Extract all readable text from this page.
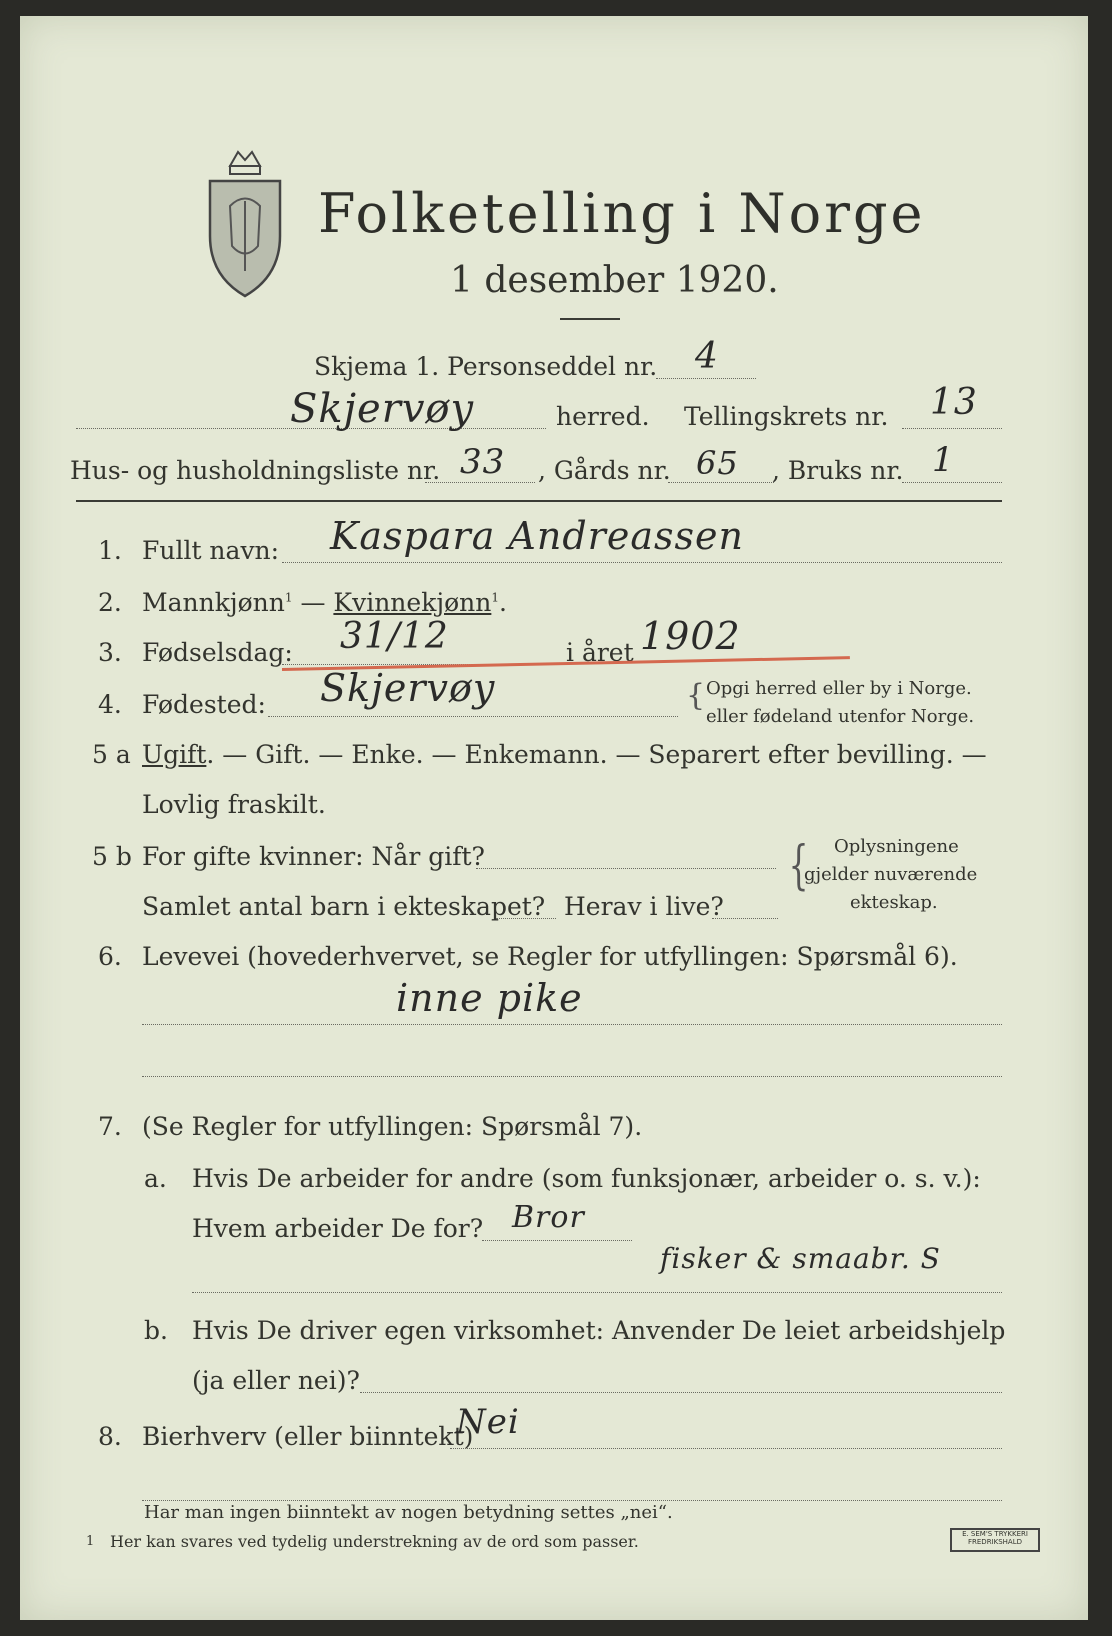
Folketelling i Norge
1 desember 1920.
Skjema 1. Personseddel nr. 4
Skjervøy	herred. Tellingskrets nr. 13
Hus- og husholdningsliste nr. 33 , Gårds nr. 65 , Bruks nr. 1
1. Fullt navn: Kaspara Andreassen
2. Mannkjønn$^1$ — Kvinnekjønn$^1$.
3. Fødselsdag: 31/12	i året 1902
4. Fødested: Skjervøy	{ Opgi herred eller by i Norge.
eller fødeland utenfor Norge.
5 a Ugift. — Gift. — Enke. — Enkemann. — Separert efter bevilling. —
Lovlig fraskilt.
5 b For gifte kvinner: Når gift?
Samlet antal barn i ekteskapet? Herav i live?
{ Oplysningene
gjelder nuværende
ekteskap.
6. Levevei (hovederhvervet, se Regler for utfyllingen: Spørsmål 6).
inne pike
7. (Se Regler for utfyllingen: Spørsmål 7).
a. Hvis De arbeider for andre (som funksjonær, arbeider o. s. v.):
Hvem arbeider De for? Bror
fisker & smaabr. S
b. Hvis De driver egen virksomhet: Anvender De leiet arbeidshjelp
(ja eller nei)?
8. Bierhverv (eller biinntekt)
Nei
Har man ingen biinntekt av nogen betydning settes „nei“.
1 Her kan svares ved tydelig understrekning av de ord som passer.	E. SEM'S TRYKKERI FREDRIKSHALD
